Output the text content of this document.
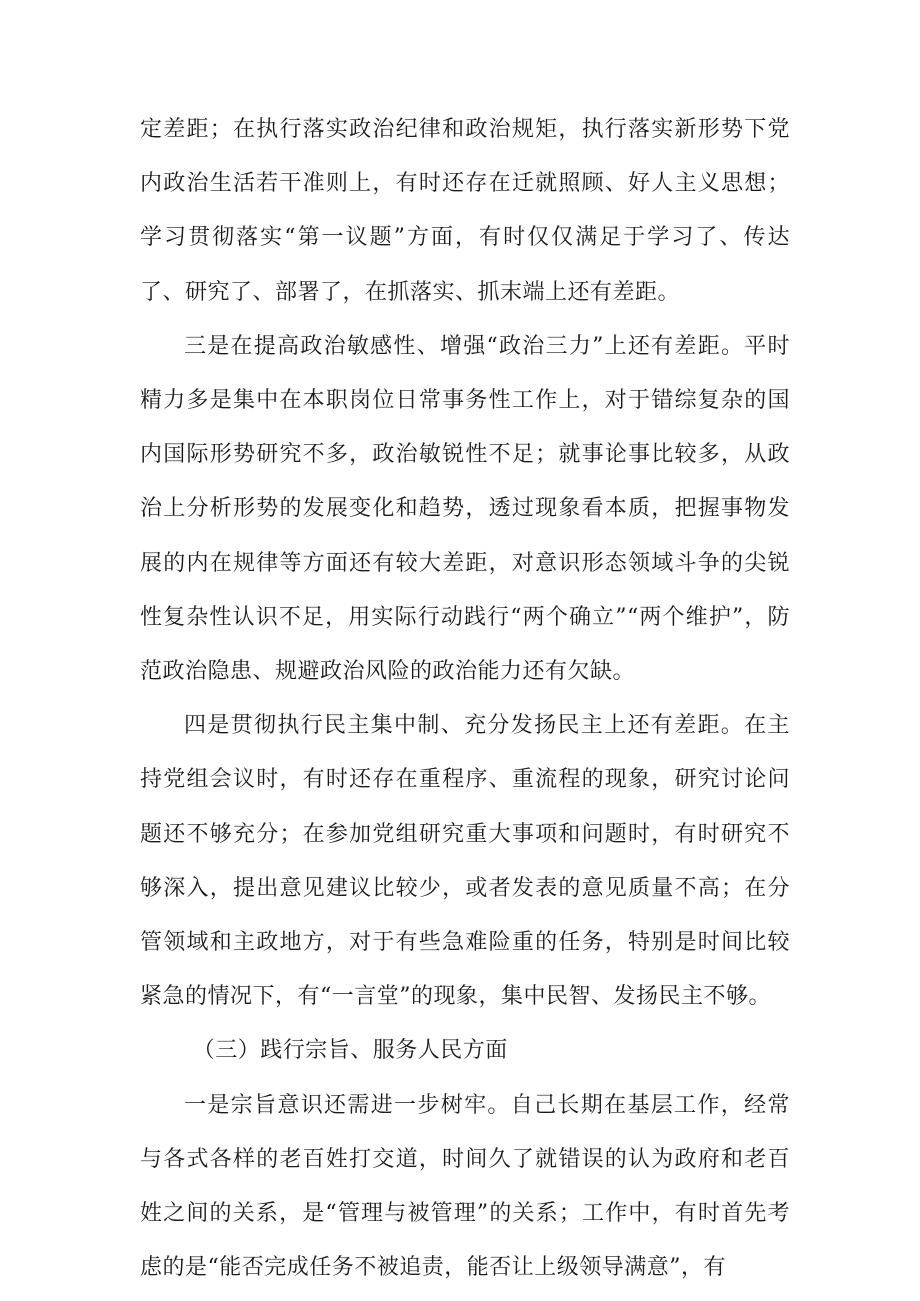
定差距；在执行落实政治纪律和政治规矩，执行落实新形势下党内政治生活若干准则上，有时还存在迁就照顾、好人主义思想；学习贯彻落实“第一议题”方面，有时仅仅满足于学习了、传达了、研究了、部署了，在抓落实、抓末端上还有差距。

三是在提高政治敏感性、增强“政治三力”上还有差距。平时精力多是集中在本职岗位日常事务性工作上，对于错综复杂的国内国际形势研究不多，政治敏锐性不足；就事论事比较多，从政治上分析形势的发展变化和趋势，透过现象看本质，把握事物发展的内在规律等方面还有较大差距，对意识形态领域斗争的尖锐性复杂性认识不足，用实际行动践行“两个确立”“两个维护”，防范政治隐患、规避政治风险的政治能力还有欠缺。

四是贯彻执行民主集中制、充分发扬民主上还有差距。在主持党组会议时，有时还存在重程序、重流程的现象，研究讨论问题还不够充分；在参加党组研究重大事项和问题时，有时研究不够深入，提出意见建议比较少，或者发表的意见质量不高；在分管领域和主政地方，对于有些急难险重的任务，特别是时间比较紧急的情况下，有“一言堂”的现象，集中民智、发扬民主不够。

（三）践行宗旨、服务人民方面

一是宗旨意识还需进一步树牢。自己长期在基层工作，经常与各式各样的老百姓打交道，时间久了就错误的认为政府和老百姓之间的关系，是“管理与被管理”的关系；工作中，有时首先考虑的是“能否完成任务不被追责，能否让上级领导满意”，有
